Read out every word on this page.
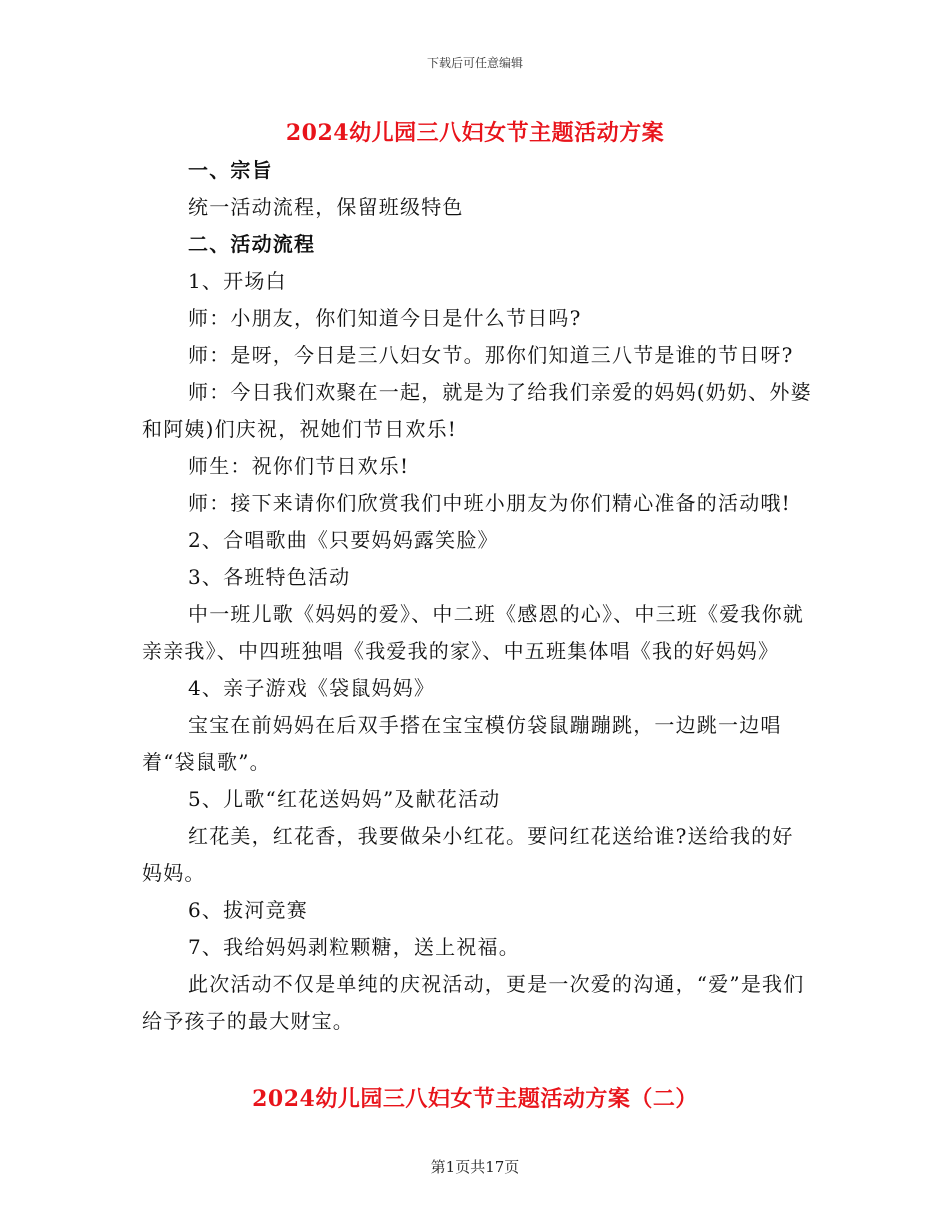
下载后可任意编辑
2024幼儿园三八妇女节主题活动方案

一、宗旨

统一活动流程，保留班级特色

二、活动流程

1、开场白

师：小朋友，你们知道今日是什么节日吗?

师：是呀，今日是三八妇女节。那你们知道三八节是谁的节日呀?

师：今日我们欢聚在一起，就是为了给我们亲爱的妈妈(奶奶、外婆和阿姨)们庆祝，祝她们节日欢乐!

师生：祝你们节日欢乐!

师：接下来请你们欣赏我们中班小朋友为你们精心准备的活动哦!

2、合唱歌曲《只要妈妈露笑脸》

3、各班特色活动

中一班儿歌《妈妈的爱》、中二班《感恩的心》、中三班《爱我你就亲亲我》、中四班独唱《我爱我的家》、中五班集体唱《我的好妈妈》

4、亲子游戏《袋鼠妈妈》

宝宝在前妈妈在后双手搭在宝宝模仿袋鼠蹦蹦跳，一边跳一边唱着“袋鼠歌”。

5、儿歌“红花送妈妈”及献花活动

红花美，红花香，我要做朵小红花。要问红花送给谁?送给我的好妈妈。

6、拔河竞赛

7、我给妈妈剥粒颗糖，送上祝福。

此次活动不仅是单纯的庆祝活动，更是一次爱的沟通，“爱”是我们给予孩子的最大财宝。

2024幼儿园三八妇女节主题活动方案（二）
第1页共17页
